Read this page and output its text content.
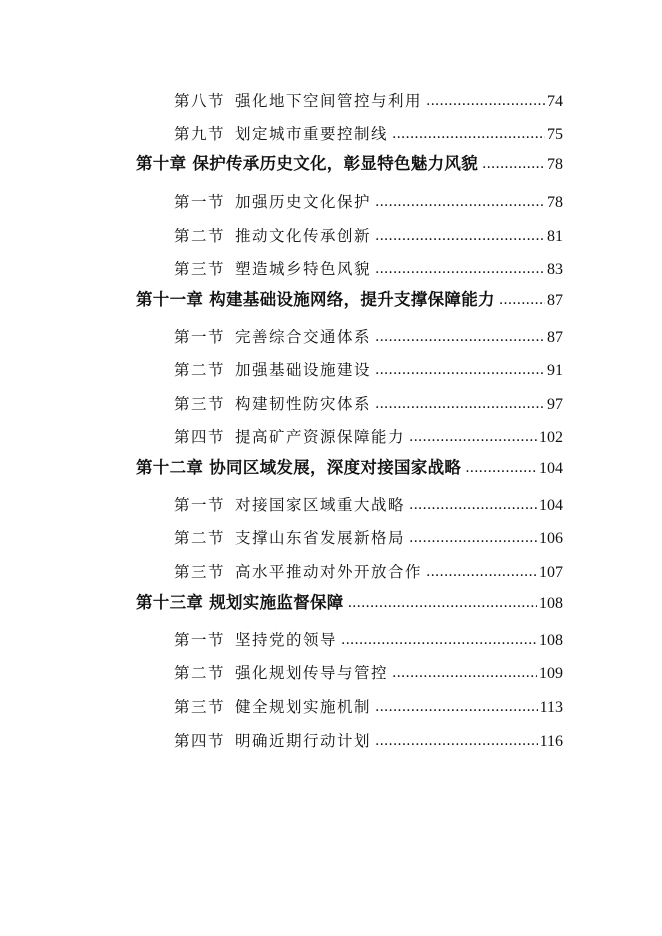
第八节 强化地下空间管控与利用 .....	74
第九节 划定城市重要控制线 .....	75
第十章 保护传承历史文化，彰显特色魅力风貌 .....	78
第一节 加强历史文化保护 .....	78
第二节 推动文化传承创新 .....	81
第三节 塑造城乡特色风貌 .....	83
第十一章 构建基础设施网络，提升支撑保障能力 .....	87
第一节 完善综合交通体系 .....	87
第二节 加强基础设施建设 .....	91
第三节 构建韧性防灾体系 .....	97
第四节 提高矿产资源保障能力 .....	102
第十二章 协同区域发展，深度对接国家战略 .....	104
第一节 对接国家区域重大战略 .....	104
第二节 支撑山东省发展新格局 .....	106
第三节 高水平推动对外开放合作 .....	107
第十三章 规划实施监督保障 .....	108
第一节 坚持党的领导 .....	108
第二节 强化规划传导与管控 .....	109
第三节 健全规划实施机制 .....	113
第四节 明确近期行动计划 .....	116
